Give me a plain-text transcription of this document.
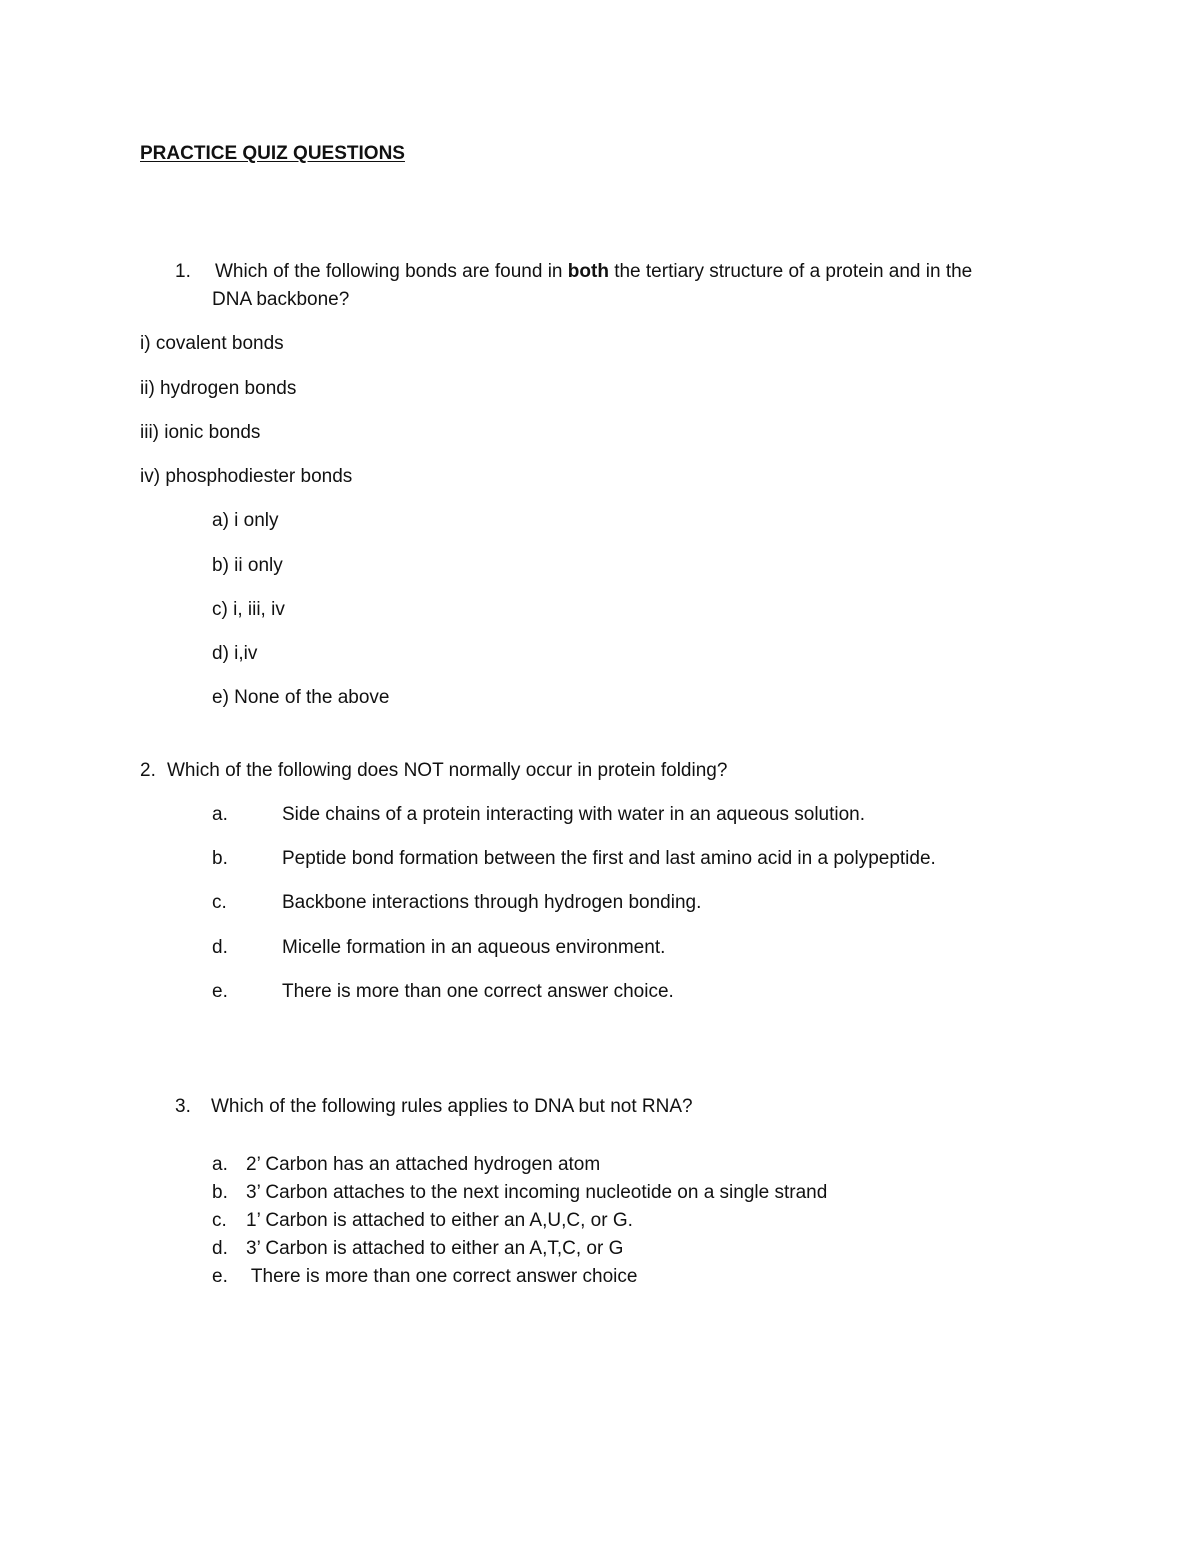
PRACTICE QUIZ QUESTIONS
1. Which of the following bonds are found in both the tertiary structure of a protein and in the
DNA backbone?
i) covalent bonds
ii) hydrogen bonds
iii) ionic bonds
iv) phosphodiester bonds
a) i only
b) ii only
c) i, iii, iv
d) i,iv
e) None of the above
2. Which of the following does NOT normally occur in protein folding?
a.	Side chains of a protein interacting with water in an aqueous solution.
b.	Peptide bond formation between the first and last amino acid in a polypeptide.
c.	Backbone interactions through hydrogen bonding.
d.	Micelle formation in an aqueous environment.
e.	There is more than one correct answer choice.
3. Which of the following rules applies to DNA but not RNA?
a. 2’ Carbon has an attached hydrogen atom
b. 3’ Carbon attaches to the next incoming nucleotide on a single strand
c. 1’ Carbon is attached to either an A,U,C, or G.
d. 3’ Carbon is attached to either an A,T,C, or G
e. There is more than one correct answer choice
